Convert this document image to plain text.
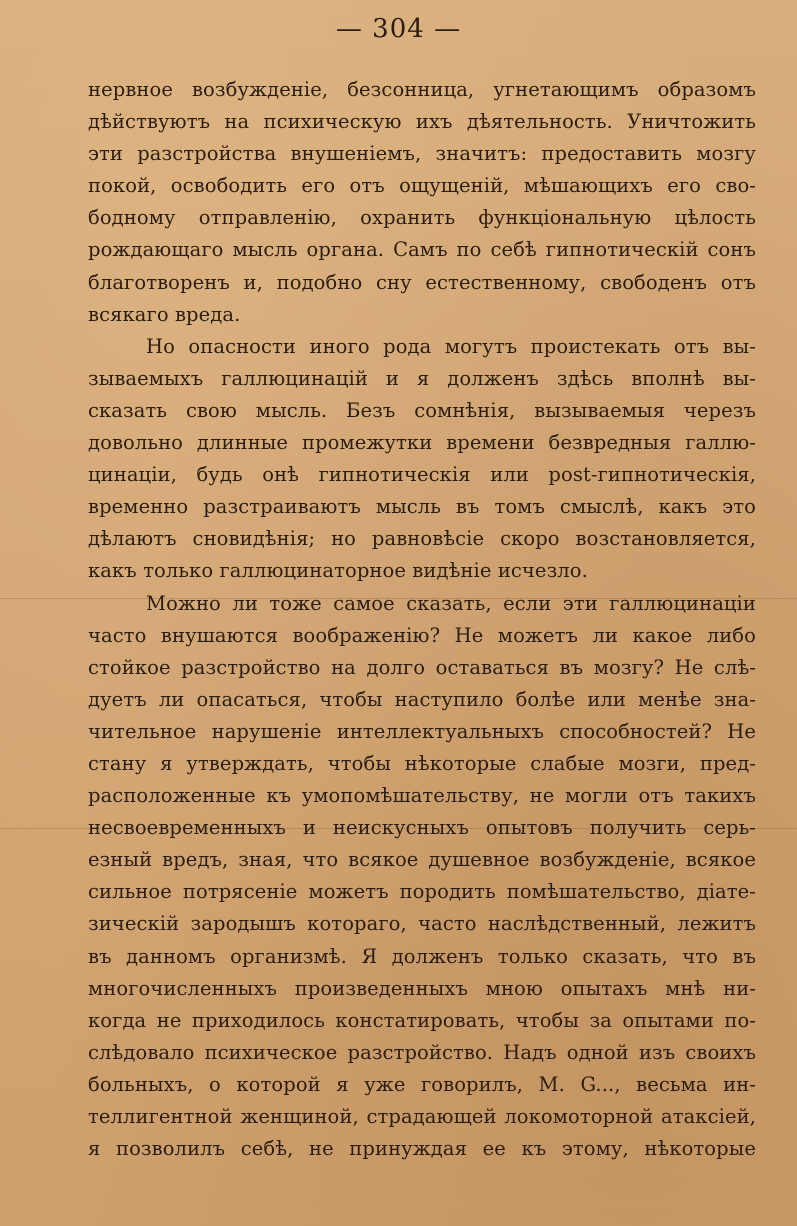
— 304 —
нервное возбужденіе, безсонница, угнетающимъ образомъ
дѣйствуютъ на психическую ихъ дѣятельность. Уничтожить
эти разстройства внушеніемъ, значитъ: предоставить мозгу
покой, освободить его отъ ощущеній, мѣшающихъ его сво-
бодному отправленію, охранить функціональную цѣлость
рождающаго мысль органа. Самъ по себѣ гипнотическій сонъ
благотворенъ и, подобно сну естественному, свободенъ отъ
всякаго вреда.
Но опасности иного рода могутъ проистекать отъ вы-
зываемыхъ галлюцинацій и я долженъ здѣсь вполнѣ вы-
сказать свою мысль. Безъ сомнѣнія, вызываемыя черезъ
довольно длинные промежутки времени безвредныя галлю-
цинаціи, будь онѣ гипнотическія или post-гипнотическія,
временно разстраиваютъ мысль въ томъ смыслѣ, какъ это
дѣлаютъ сновидѣнія; но равновѣсіе скоро возстановляется,
какъ только галлюцинаторное видѣніе исчезло.
Можно ли тоже самое сказать, если эти галлюцинаціи
часто внушаются воображенію? Не можетъ ли какое либо
стойкое разстройство на долго оставаться въ мозгу? Не слѣ-
дуетъ ли опасаться, чтобы наступило болѣе или менѣе зна-
чительное нарушеніе интеллектуальныхъ способностей? Не
стану я утверждать, чтобы нѣкоторые слабые мозги, пред-
расположенные къ умопомѣшательству, не могли отъ такихъ
несвоевременныхъ и неискусныхъ опытовъ получить серь-
езный вредъ, зная, что всякое душевное возбужденіе, всякое
сильное потрясеніе можетъ породить помѣшательство, діате-
зическій зародышъ котораго, часто наслѣдственный, лежитъ
въ данномъ организмѣ. Я долженъ только сказать, что въ
многочисленныхъ произведенныхъ мною опытахъ мнѣ ни-
когда не приходилось констатировать, чтобы за опытами по-
слѣдовало психическое разстройство. Надъ одной изъ своихъ
больныхъ, о которой я уже говорилъ, М. G..., весьма ин-
теллигентной женщиной, страдающей локомоторной атаксіей,
я позволилъ себѣ, не принуждая ее къ этому, нѣкоторые
